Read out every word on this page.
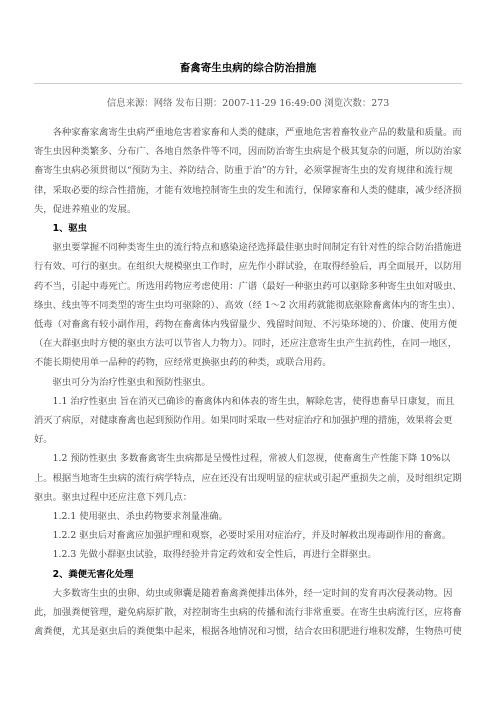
畜禽寄生虫病的综合防治措施
信息来源：网络 发布日期：2007-11-29 16:49:00 浏览次数：273

各种家畜家禽寄生虫病严重地危害着家畜和人类的健康，严重地危害着畜牧业产品的数量和质量。而寄生虫因种类繁多、分布广、各地自然条件等不同，因而防治寄生虫病是个极其复杂的问题，所以防治家畜寄生虫病必须贯彻以“预防为主、养防结合、防重于治”的方针，必须掌握寄生虫的发育规律和流行规律，采取必要的综合性措施，才能有效地控制寄生虫的发生和流行，保障家畜和人类的健康，减少经济损失，促进养殖业的发展。

1、驱虫

驱虫要掌握不同种类寄生虫的流行特点和感染途径选择最佳驱虫时间制定有针对性的综合防治措施进行有效、可行的驱虫。在组织大规模驱虫工作时，应先作小群试验，在取得经验后，再全面展开，以防用药不当，引起中毒死亡。所选用药物应考虑使用：广谱（最好一种驱虫药可以驱除多种寄生虫如对吸虫、绦虫、线虫等不同类型的寄生虫均可驱除的）、高效（经 1～2 次用药就能彻底驱除畜禽体内的寄生虫）、低毒（对畜禽有较小副作用，药物在畜禽体内残留量少、残留时间短、不污染环境的）、价廉、使用方便（在大群驱虫时方便的驱虫方法可以节省人力物力）。同时，还应注意寄生虫产生抗药性，在同一地区，不能长期使用单一品种的药物，应经常更换驱虫药的种类，或联合用药。

驱虫可分为治疗性驱虫和预防性驱虫。

1.1 治疗性驱虫 旨在消灭已确诊的畜禽体内和体表的寄生虫，解除危害，使得患畜早日康复，而且消灭了病原，对健康畜禽也起到预防作用。如果同时采取一些对症治疗和加强护理的措施，效果将会更好。

1.2 预防性驱虫 多数畜禽寄生虫病都是呈慢性过程，常被人们忽视，使畜禽生产性能下降 10%以上。根据当地寄生虫病的流行病学特点，应在还没有出现明显的症状或引起严重损失之前，及时组织定期驱虫。驱虫过程中还应注意下列几点：

1.2.1 使用驱虫、杀虫药物要求剂量准确。

1.2.2 驱虫后对畜禽应加强护理和观察，必要时采用对症治疗，并及时解救出现毒副作用的畜禽。

1.2.3 先做小群驱虫试验，取得经验并肯定药效和安全性后，再进行全群驱虫。

2、粪便无害化处理

大多数寄生虫的虫卵、幼虫或卵囊是随着畜禽粪便排出体外，经一定时间的发育再次侵袭动物。因此，加强粪便管理，避免病原扩散，对控制寄生虫病的传播和流行非常重要。在寄生虫病流行区，应将畜禽粪便，尤其是驱虫后的粪便集中起来，根据各地情况和习惯，结合农田积肥进行堆积发酵，生物热可使
